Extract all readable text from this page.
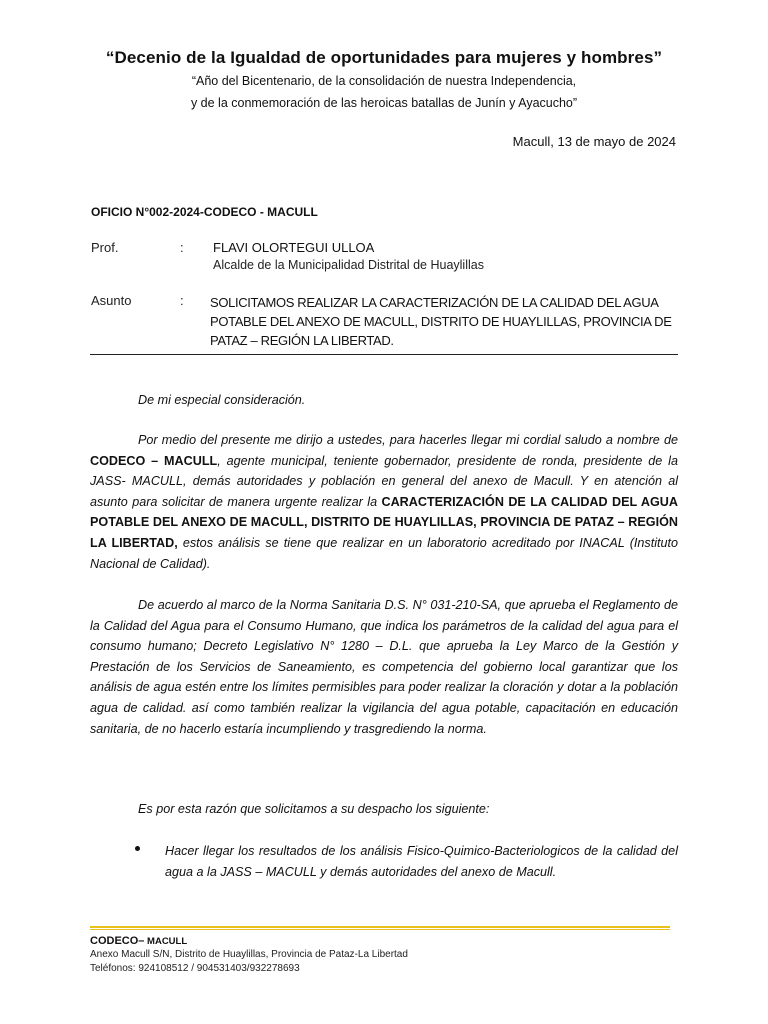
“Decenio de la Igualdad de oportunidades para mujeres y hombres”
“Año del Bicentenario, de la consolidación de nuestra Independencia,
y de la conmemoración de las heroicas batallas de Junín y Ayacucho”
Macull, 13 de mayo de 2024
OFICIO N°002-2024-CODECO - MACULL
Prof.	: FLAVI OLORTEGUI ULLOA
Alcalde de la Municipalidad Distrital de Huaylillas
Asunto	: SOLICITAMOS REALIZAR LA CARACTERIZACIÓN DE LA CALIDAD DEL AGUA POTABLE DEL ANEXO DE MACULL, DISTRITO DE HUAYLILLAS, PROVINCIA DE PATAZ – REGIÓN LA LIBERTAD.
De mi especial consideración.
Por medio del presente me dirijo a ustedes, para hacerles llegar mi cordial saludo a nombre de CODECO – MACULL, agente municipal, teniente gobernador, presidente de ronda, presidente de la JASS- MACULL, demás autoridades y población en general del anexo de Macull. Y en atención al asunto para solicitar de manera urgente realizar la CARACTERIZACIÓN DE LA CALIDAD DEL AGUA POTABLE DEL ANEXO DE MACULL, DISTRITO DE HUAYLILLAS, PROVINCIA DE PATAZ – REGIÓN LA LIBERTAD, estos análisis se tiene que realizar en un laboratorio acreditado por INACAL (Instituto Nacional de Calidad).
De acuerdo al marco de la Norma Sanitaria D.S. N° 031-210-SA, que aprueba el Reglamento de la Calidad del Agua para el Consumo Humano, que indica los parámetros de la calidad del agua para el consumo humano; Decreto Legislativo N° 1280 – D.L. que aprueba la Ley Marco de la Gestión y Prestación de los Servicios de Saneamiento, es competencia del gobierno local garantizar que los análisis de agua estén entre los límites permisibles para poder realizar la cloración y dotar a la población agua de calidad. así como también realizar la vigilancia del agua potable, capacitación en educación sanitaria, de no hacerlo estaría incumpliendo y trasgrediendo la norma.
Es por esta razón que solicitamos a su despacho los siguiente:
Hacer llegar los resultados de los análisis Fisico-Quimico-Bacteriologicos de la calidad del agua a la JASS – MACULL y demás autoridades del anexo de Macull.
CODECO– MACULL
Anexo Macull S/N, Distrito de Huaylillas, Provincia de Pataz-La Libertad
Teléfonos: 924108512 / 904531403/932278693
